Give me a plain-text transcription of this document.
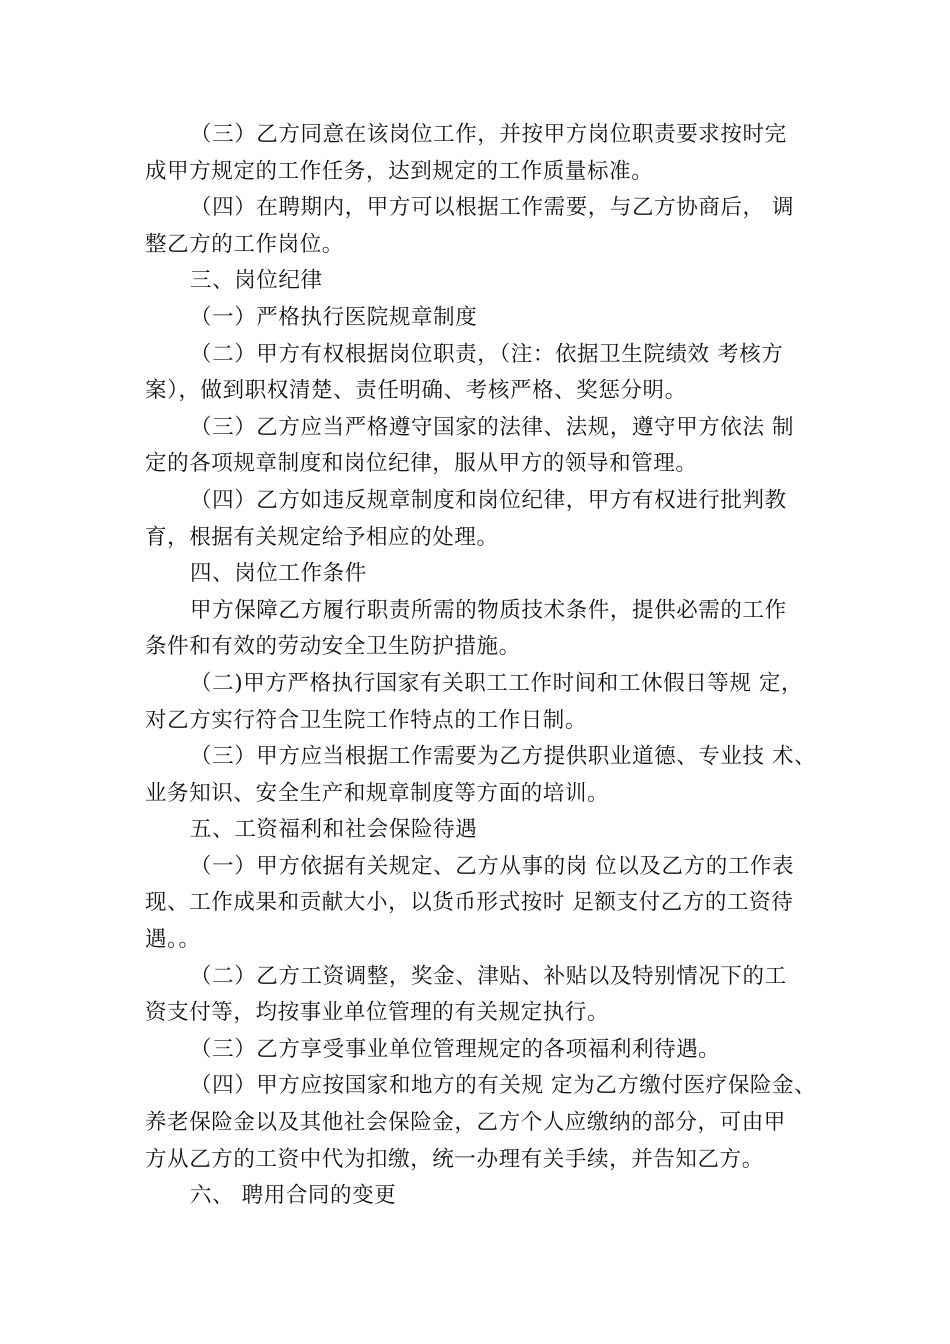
（三）乙方同意在该岗位工作，并按甲方岗位职责要求按时完
成甲方规定的工作任务，达到规定的工作质量标准。
（四）在聘期内，甲方可以根据工作需要，与乙方协商后， 调
整乙方的工作岗位。
三、岗位纪律
（一）严格执行医院规章制度
（二）甲方有权根据岗位职责，（注：依据卫生院绩效 考核方
案），做到职权清楚、责任明确、考核严格、奖惩分明。
（三）乙方应当严格遵守国家的法律、法规，遵守甲方依法 制
定的各项规章制度和岗位纪律，服从甲方的领导和管理。
（四）乙方如违反规章制度和岗位纪律，甲方有权进行批判教
育，根据有关规定给予相应的处理。
四、岗位工作条件
甲方保障乙方履行职责所需的物质技术条件，提供必需的工作
条件和有效的劳动安全卫生防护措施。
（二)甲方严格执行国家有关职工工作时间和工休假日等规 定，
对乙方实行符合卫生院工作特点的工作日制。
（三）甲方应当根据工作需要为乙方提供职业道德、专业技 术、
业务知识、安全生产和规章制度等方面的培训。
五、工资福利和社会保险待遇
（一）甲方依据有关规定、乙方从事的岗 位以及乙方的工作表
现、工作成果和贡献大小，以货币形式按时 足额支付乙方的工资待
遇。。
（二）乙方工资调整，奖金、津贴、补贴以及特别情况下的工
资支付等，均按事业单位管理的有关规定执行。
（三）乙方享受事业单位管理规定的各项福利利待遇。
（四）甲方应按国家和地方的有关规 定为乙方缴付医疗保险金、
养老保险金以及其他社会保险金，乙方个人应缴纳的部分，可由甲
方从乙方的工资中代为扣缴，统一办理有关手续，并告知乙方。
六、 聘用合同的变更
